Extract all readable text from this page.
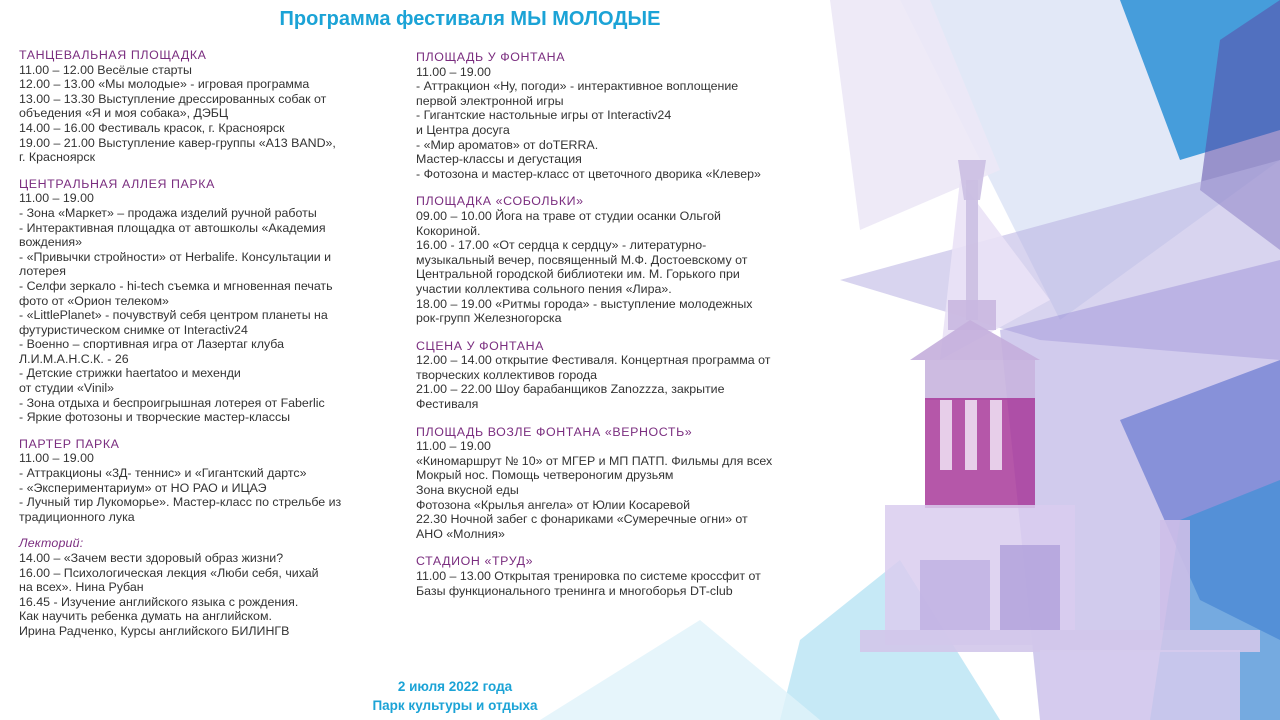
Программа фестиваля МЫ МОЛОДЫЕ
ТАНЦЕВАЛЬНАЯ ПЛОЩАДКА
11.00 – 12.00 Весёлые старты
12.00 – 13.00 «Мы молодые» - игровая программа
13.00 – 13.30 Выступление дрессированных собак от
объедения «Я и моя собака», ДЭБЦ
14.00 – 16.00 Фестиваль красок, г. Красноярск
19.00 – 21.00 Выступление кавер-группы «A13 BAND»,
г. Красноярск
ЦЕНТРАЛЬНАЯ АЛЛЕЯ ПАРКА
11.00 – 19.00
- Зона «Маркет» – продажа изделий ручной работы
- Интерактивная площадка от автошколы «Академия
вождения»
- «Привычки стройности» от Herbalife. Консультации и
лотерея
- Селфи зеркало - hi-tech съемка и мгновенная печать
фото от «Орион телеком»
- «LittlePlanet» - почувствуй себя центром планеты на
футуристическом снимке от Interactiv24
- Военно – спортивная игра от Лазертаг клуба
Л.И.М.А.Н.С.К. - 26
- Детские стрижки haertatoo и мехенди
от студии «Vinil»
- Зона отдыха и беспроигрышная лотерея от Faberlic
- Яркие фотозоны и творческие мастер-классы
ПАРТЕР ПАРКА
11.00 – 19.00
- Аттракционы «3Д- теннис» и «Гигантский дартс»
- «Экспериментариум» от НО РАО и ИЦАЭ
- Лучный тир Лукоморье». Мастер-класс по стрельбе из
традиционного лука
Лекторий:
14.00 – «Зачем вести здоровый образ жизни?
16.00 – Психологическая лекция «Люби себя, чихай
на всех». Нина Рубан
16.45 - Изучение английского языка с рождения.
Как научить ребенка думать на английском.
Ирина Радченко, Курсы английского БИЛИНГВ
ПЛОЩАДЬ У ФОНТАНА
11.00 – 19.00
- Аттракцион «Ну, погоди» - интерактивное воплощение
первой электронной игры
- Гигантские настольные игры от Interactiv24
и Центра досуга
- «Мир ароматов» от doTERRA.
Мастер-классы и дегустация
- Фотозона и мастер-класс от цветочного дворика «Клевер»
ПЛОЩАДКА «СОБОЛЬКИ»
09.00 – 10.00 Йога на траве от студии осанки Ольгой
Кокориной.
16.00 - 17.00 «От сердца к сердцу» - литературно-
музыкальный вечер, посвященный М.Ф. Достоевскому от
Центральной городской библиотеки им. М. Горького при
участии коллектива сольного пения «Лира».
18.00 – 19.00 «Ритмы города» - выступление молодежных
рок-групп Железногорска
СЦЕНА У ФОНТАНА
12.00 – 14.00 открытие Фестиваля. Концертная программа от
творческих коллективов города
21.00 – 22.00 Шоу барабанщиков Zanozzza, закрытие
Фестиваля
ПЛОЩАДЬ ВОЗЛЕ ФОНТАНА «ВЕРНОСТЬ»
11.00 – 19.00
«Киномаршрут № 10» от МГЕР и МП ПАТП. Фильмы для всех
Мокрый нос. Помощь четвероногим друзьям
Зона вкусной еды
Фотозона «Крылья ангела» от Юлии Косаревой
22.30 Ночной забег с фонариками «Сумеречные огни» от
АНО «Молния»
СТАДИОН «ТРУД»
11.00 – 13.00 Открытая тренировка по системе кроссфит от
Базы функционального тренинга и многоборья DT-club
2 июля 2022 года
Парк культуры и отдыха
